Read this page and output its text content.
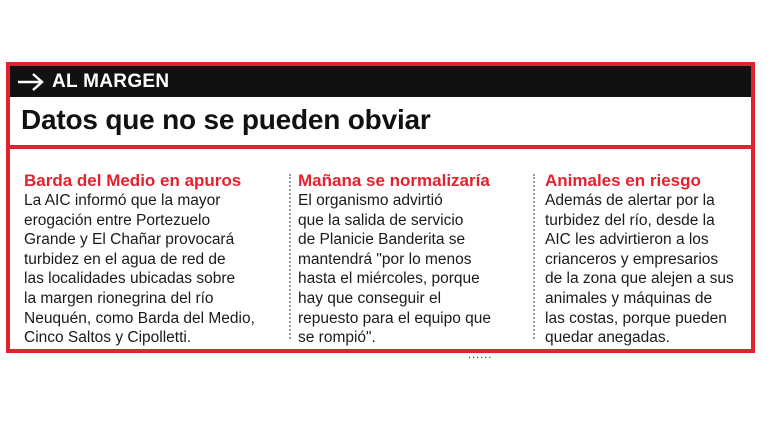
AL MARGEN
Datos que no se pueden obviar

Barda del Medio en apuros

La AIC informó que la mayor
erogación entre Portezuelo
Grande y El Chañar provocará
turbidez en el agua de red de
las localidades ubicadas sobre
la margen rionegrina del río
Neuquén, como Barda del Medio,
Cinco Saltos y Cipolletti.

Mañana se normalizaría

El organismo advirtió
que la salida de servicio
de Planicie Banderita se
mantendrá "por lo menos
hasta el miércoles, porque
hay que conseguir el
repuesto para el equipo que
se rompió".

Animales en riesgo

Además de alertar por la
turbidez del río, desde la
AIC les advirtieron a los
crianceros y empresarios
de la zona que alejen a sus
animales y máquinas de
las costas, porque pueden
quedar anegadas.

......
